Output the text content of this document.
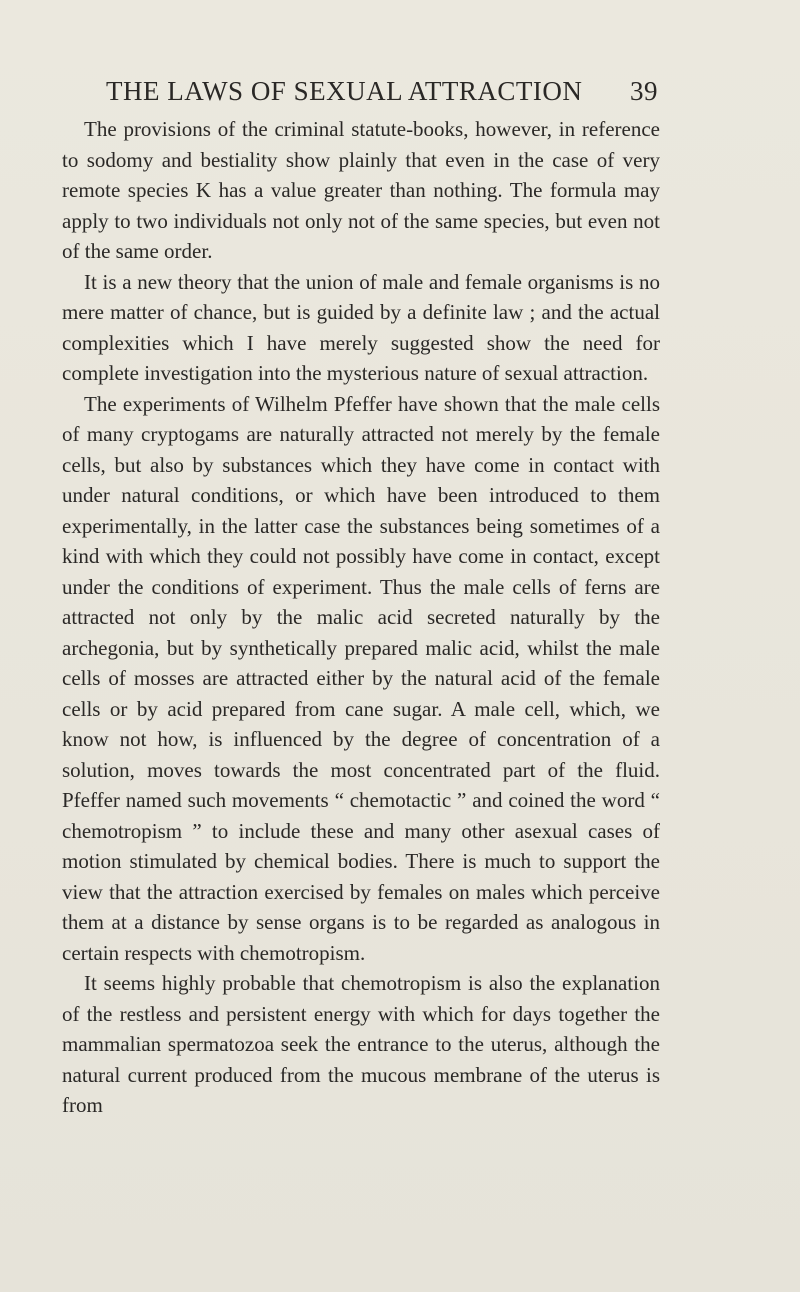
THE LAWS OF SEXUAL ATTRACTION 39

The provisions of the criminal statute-books, however, in reference to sodomy and bestiality show plainly that even in the case of very remote species K has a value greater than nothing. The formula may apply to two individuals not only not of the same species, but even not of the same order.

It is a new theory that the union of male and female organisms is no mere matter of chance, but is guided by a definite law ; and the actual complexities which I have merely suggested show the need for complete investigation into the mysterious nature of sexual attraction.

The experiments of Wilhelm Pfeffer have shown that the male cells of many cryptogams are naturally attracted not merely by the female cells, but also by substances which they have come in contact with under natural conditions, or which have been introduced to them experimentally, in the latter case the substances being sometimes of a kind with which they could not possibly have come in contact, except under the conditions of experiment. Thus the male cells of ferns are attracted not only by the malic acid secreted naturally by the archegonia, but by synthetically prepared malic acid, whilst the male cells of mosses are attracted either by the natural acid of the female cells or by acid prepared from cane sugar. A male cell, which, we know not how, is influenced by the degree of concentration of a solution, moves towards the most concentrated part of the fluid. Pfeffer named such movements “ chemotactic ” and coined the word “ chemotropism ” to include these and many other asexual cases of motion stimulated by chemical bodies. There is much to support the view that the attraction exercised by females on males which perceive them at a distance by sense organs is to be regarded as analogous in certain respects with chemotropism.

It seems highly probable that chemotropism is also the explanation of the restless and persistent energy with which for days together the mammalian spermatozoa seek the entrance to the uterus, although the natural current produced from the mucous membrane of the uterus is from
